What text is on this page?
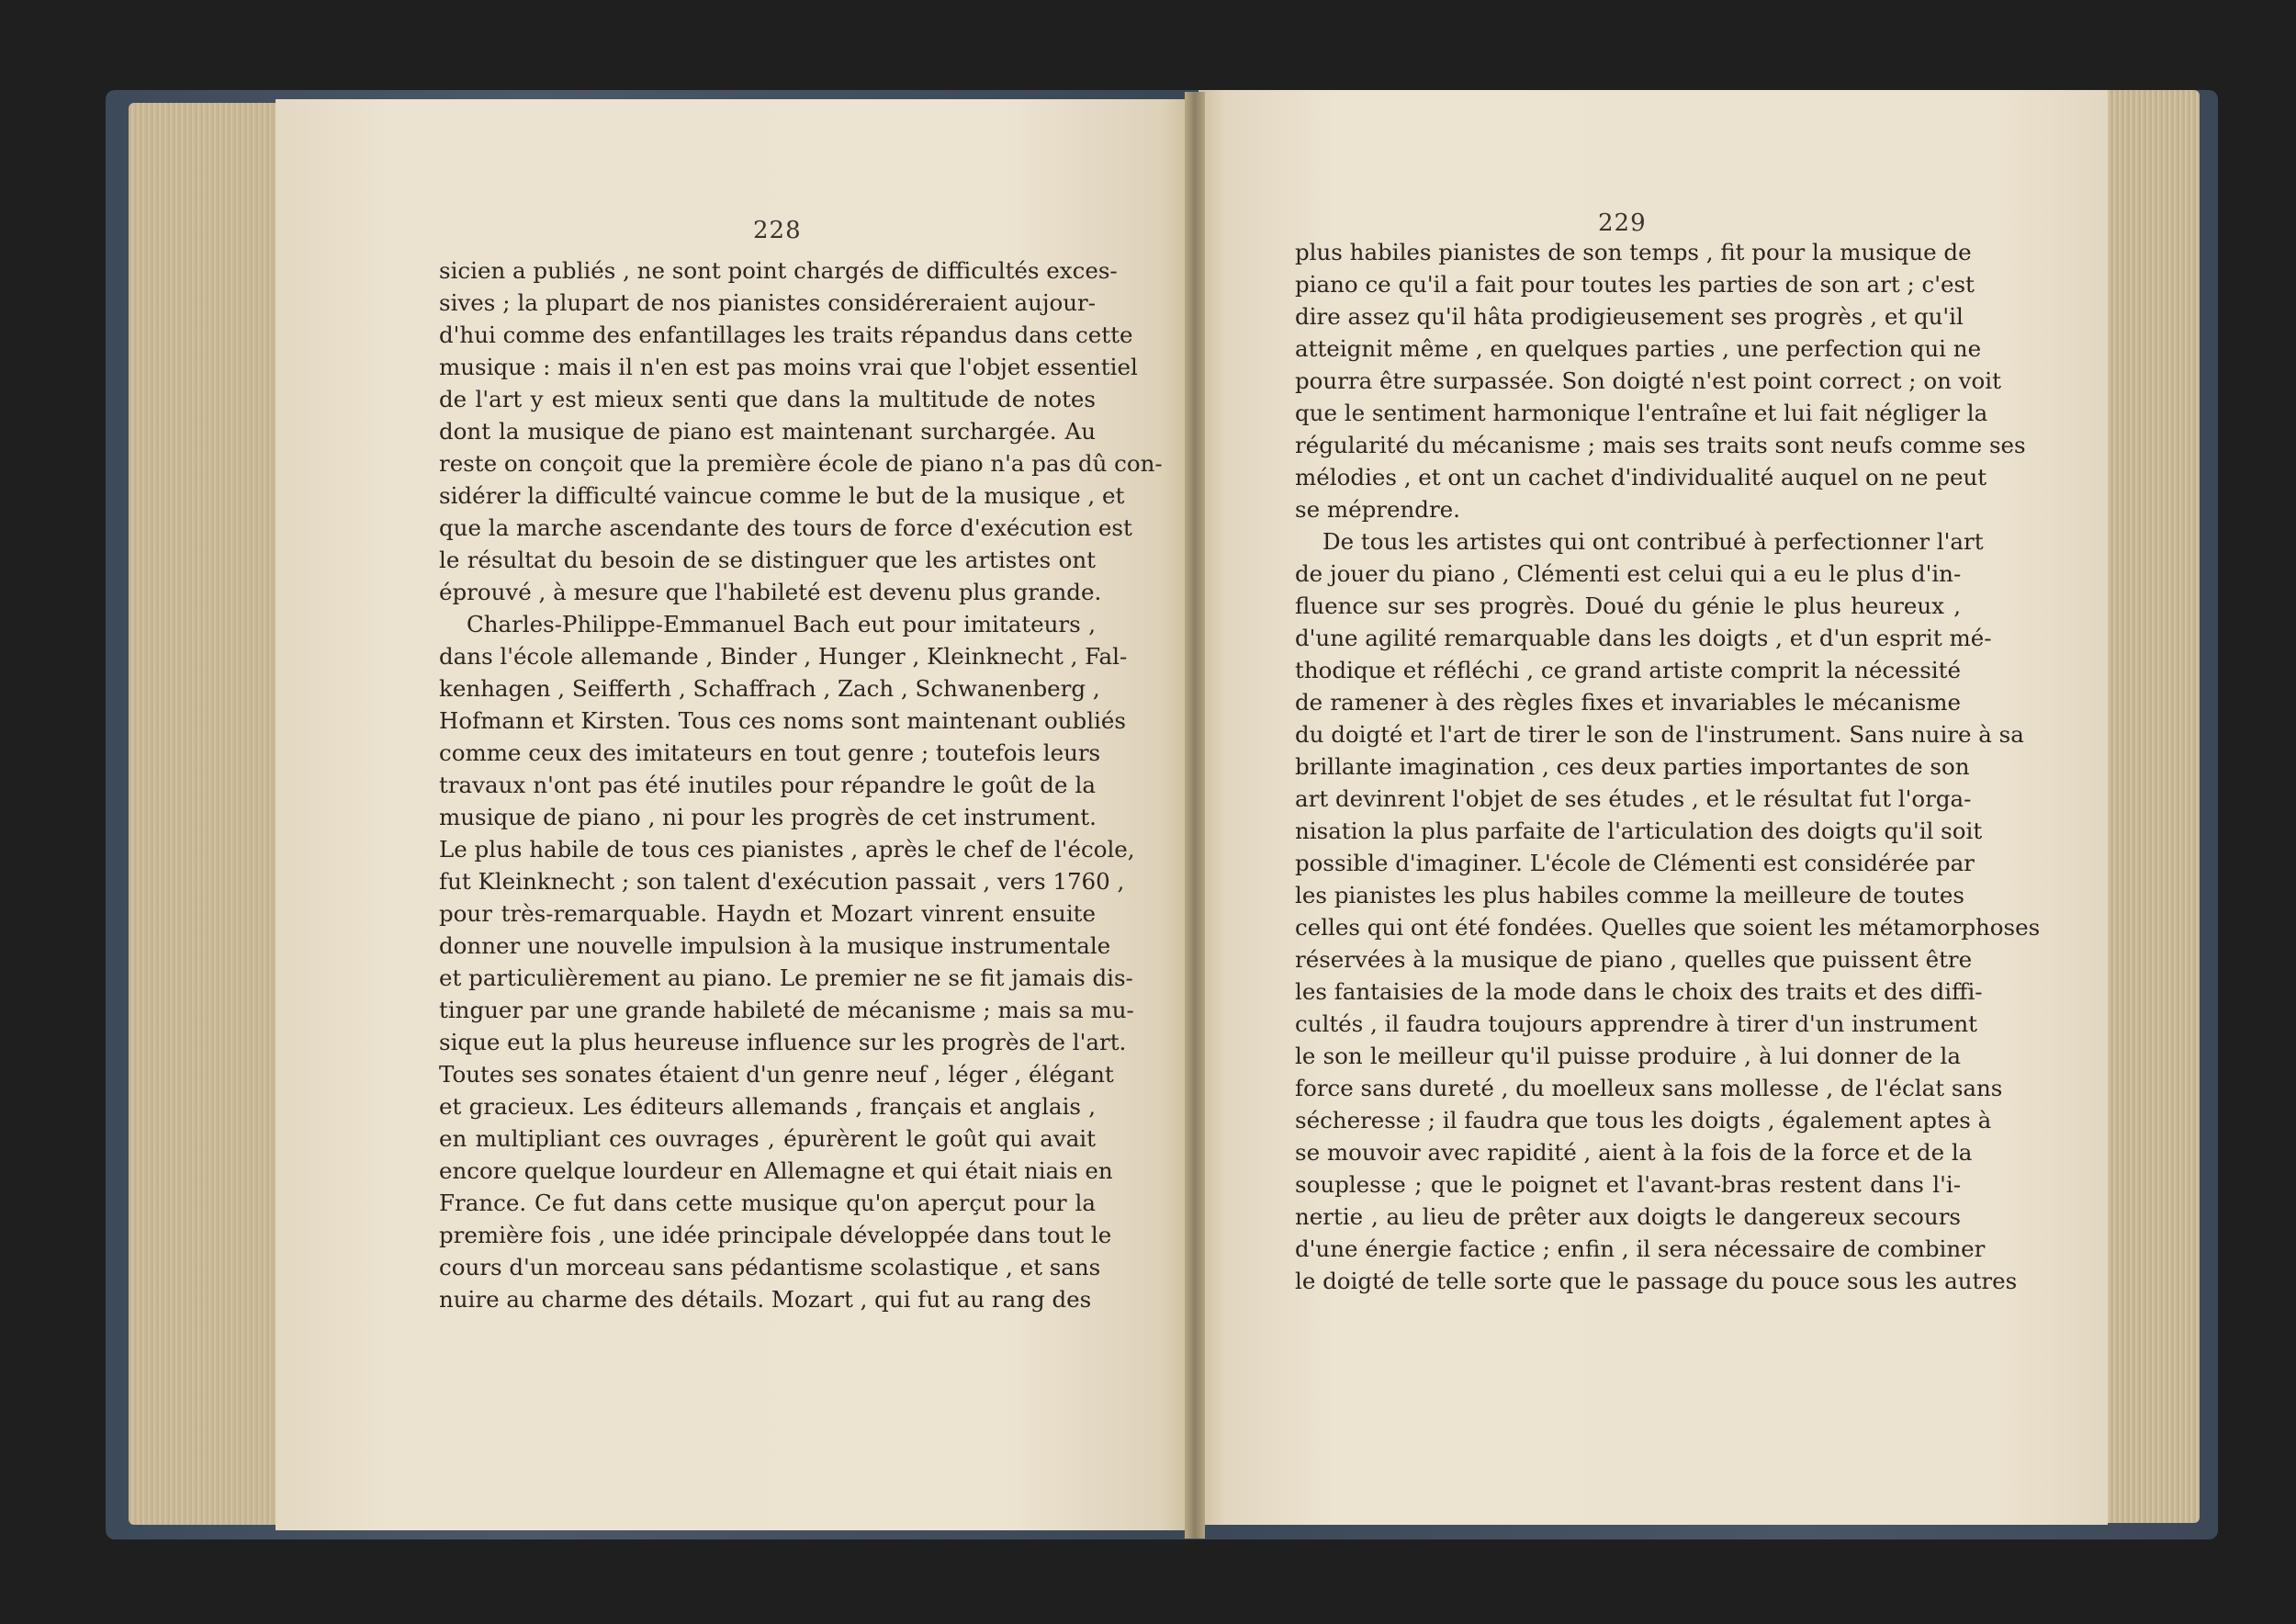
228	229
sicien a publiés , ne sont point chargés de difficultés exces-
sives ; la plupart de nos pianistes considéreraient aujour-
d'hui comme des enfantillages les traits répandus dans cette
musique : mais il n'en est pas moins vrai que l'objet essentiel
de l'art y est mieux senti que dans la multitude de notes
dont la musique de piano est maintenant surchargée. Au
reste on conçoit que la première école de piano n'a pas dû con-
sidérer la difficulté vaincue comme le but de la musique , et
que la marche ascendante des tours de force d'exécution est
le résultat du besoin de se distinguer que les artistes ont
éprouvé , à mesure que l'habileté est devenu plus grande.
Charles-Philippe-Emmanuel Bach eut pour imitateurs ,
dans l'école allemande , Binder , Hunger , Kleinknecht , Fal-
kenhagen , Seifferth , Schaffrach , Zach , Schwanenberg ,
Hofmann et Kirsten. Tous ces noms sont maintenant oubliés
comme ceux des imitateurs en tout genre ; toutefois leurs
travaux n'ont pas été inutiles pour répandre le goût de la
musique de piano , ni pour les progrès de cet instrument.
Le plus habile de tous ces pianistes , après le chef de l'école,
fut Kleinknecht ; son talent d'exécution passait , vers 1760 ,
pour très-remarquable. Haydn et Mozart vinrent ensuite
donner une nouvelle impulsion à la musique instrumentale
et particulièrement au piano. Le premier ne se fit jamais dis-
tinguer par une grande habileté de mécanisme ; mais sa mu-
sique eut la plus heureuse influence sur les progrès de l'art.
Toutes ses sonates étaient d'un genre neuf , léger , élégant
et gracieux. Les éditeurs allemands , français et anglais ,
en multipliant ces ouvrages , épurèrent le goût qui avait
encore quelque lourdeur en Allemagne et qui était niais en
France. Ce fut dans cette musique qu'on aperçut pour la
première fois , une idée principale développée dans tout le
cours d'un morceau sans pédantisme scolastique , et sans
nuire au charme des détails. Mozart , qui fut au rang des
plus habiles pianistes de son temps , fit pour la musique de
piano ce qu'il a fait pour toutes les parties de son art ; c'est
dire assez qu'il hâta prodigieusement ses progrès , et qu'il
atteignit même , en quelques parties , une perfection qui ne
pourra être surpassée. Son doigté n'est point correct ; on voit
que le sentiment harmonique l'entraîne et lui fait négliger la
régularité du mécanisme ; mais ses traits sont neufs comme ses
mélodies , et ont un cachet d'individualité auquel on ne peut
se méprendre.
De tous les artistes qui ont contribué à perfectionner l'art
de jouer du piano , Clémenti est celui qui a eu le plus d'in-
fluence sur ses progrès. Doué du génie le plus heureux ,
d'une agilité remarquable dans les doigts , et d'un esprit mé-
thodique et réfléchi , ce grand artiste comprit la nécessité
de ramener à des règles fixes et invariables le mécanisme
du doigté et l'art de tirer le son de l'instrument. Sans nuire à sa
brillante imagination , ces deux parties importantes de son
art devinrent l'objet de ses études , et le résultat fut l'orga-
nisation la plus parfaite de l'articulation des doigts qu'il soit
possible d'imaginer. L'école de Clémenti est considérée par
les pianistes les plus habiles comme la meilleure de toutes
celles qui ont été fondées. Quelles que soient les métamorphoses
réservées à la musique de piano , quelles que puissent être
les fantaisies de la mode dans le choix des traits et des diffi-
cultés , il faudra toujours apprendre à tirer d'un instrument
le son le meilleur qu'il puisse produire , à lui donner de la
force sans dureté , du moelleux sans mollesse , de l'éclat sans
sécheresse ; il faudra que tous les doigts , également aptes à
se mouvoir avec rapidité , aient à la fois de la force et de la
souplesse ; que le poignet et l'avant-bras restent dans l'i-
nertie , au lieu de prêter aux doigts le dangereux secours
d'une énergie factice ; enfin , il sera nécessaire de combiner
le doigté de telle sorte que le passage du pouce sous les autres
